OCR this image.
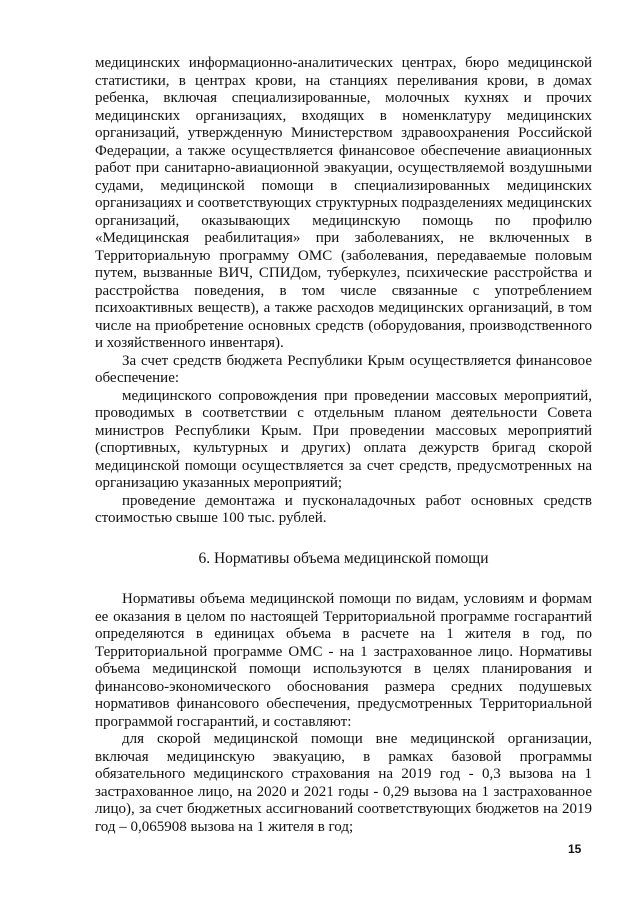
медицинских информационно-аналитических центрах, бюро медицинской статистики, в центрах крови, на станциях переливания крови, в домах ребенка, включая специализированные, молочных кухнях и прочих медицинских организациях, входящих в номенклатуру медицинских организаций, утвержденную Министерством здравоохранения Российской Федерации, а также осуществляется финансовое обеспечение авиационных работ при санитарно-авиационной эвакуации, осуществляемой воздушными судами, медицинской помощи в специализированных медицинских организациях и соответствующих структурных подразделениях медицинских организаций, оказывающих медицинскую помощь по профилю «Медицинская реабилитация» при заболеваниях, не включенных в Территориальную программу ОМС (заболевания, передаваемые половым путем, вызванные ВИЧ, СПИДом, туберкулез, психические расстройства и расстройства поведения, в том числе связанные с употреблением психоактивных веществ), а также расходов медицинских организаций, в том числе на приобретение основных средств (оборудования, производственного и хозяйственного инвентаря).

За счет средств бюджета Республики Крым осуществляется финансовое обеспечение:

медицинского сопровождения при проведении массовых мероприятий, проводимых в соответствии с отдельным планом деятельности Совета министров Республики Крым. При проведении массовых мероприятий (спортивных, культурных и других) оплата дежурств бригад скорой медицинской помощи осуществляется за счет средств, предусмотренных на организацию указанных мероприятий;

проведение демонтажа и пусконаладочных работ основных средств стоимостью свыше 100 тыс. рублей.

6. Нормативы объема медицинской помощи

Нормативы объема медицинской помощи по видам, условиям и формам ее оказания в целом по настоящей Территориальной программе госгарантий определяются в единицах объема в расчете на 1 жителя в год, по Территориальной программе ОМС - на 1 застрахованное лицо. Нормативы объема медицинской помощи используются в целях планирования и финансово-экономического обоснования размера средних подушевых нормативов финансового обеспечения, предусмотренных Территориальной программой госгарантий, и составляют:

для скорой медицинской помощи вне медицинской организации, включая медицинскую эвакуацию, в рамках базовой программы обязательного медицинского страхования на 2019 год - 0,3 вызова на 1 застрахованное лицо, на 2020 и 2021 годы - 0,29 вызова на 1 застрахованное лицо), за счет бюджетных ассигнований соответствующих бюджетов на 2019 год – 0,065908 вызова на 1 жителя в год;

15
